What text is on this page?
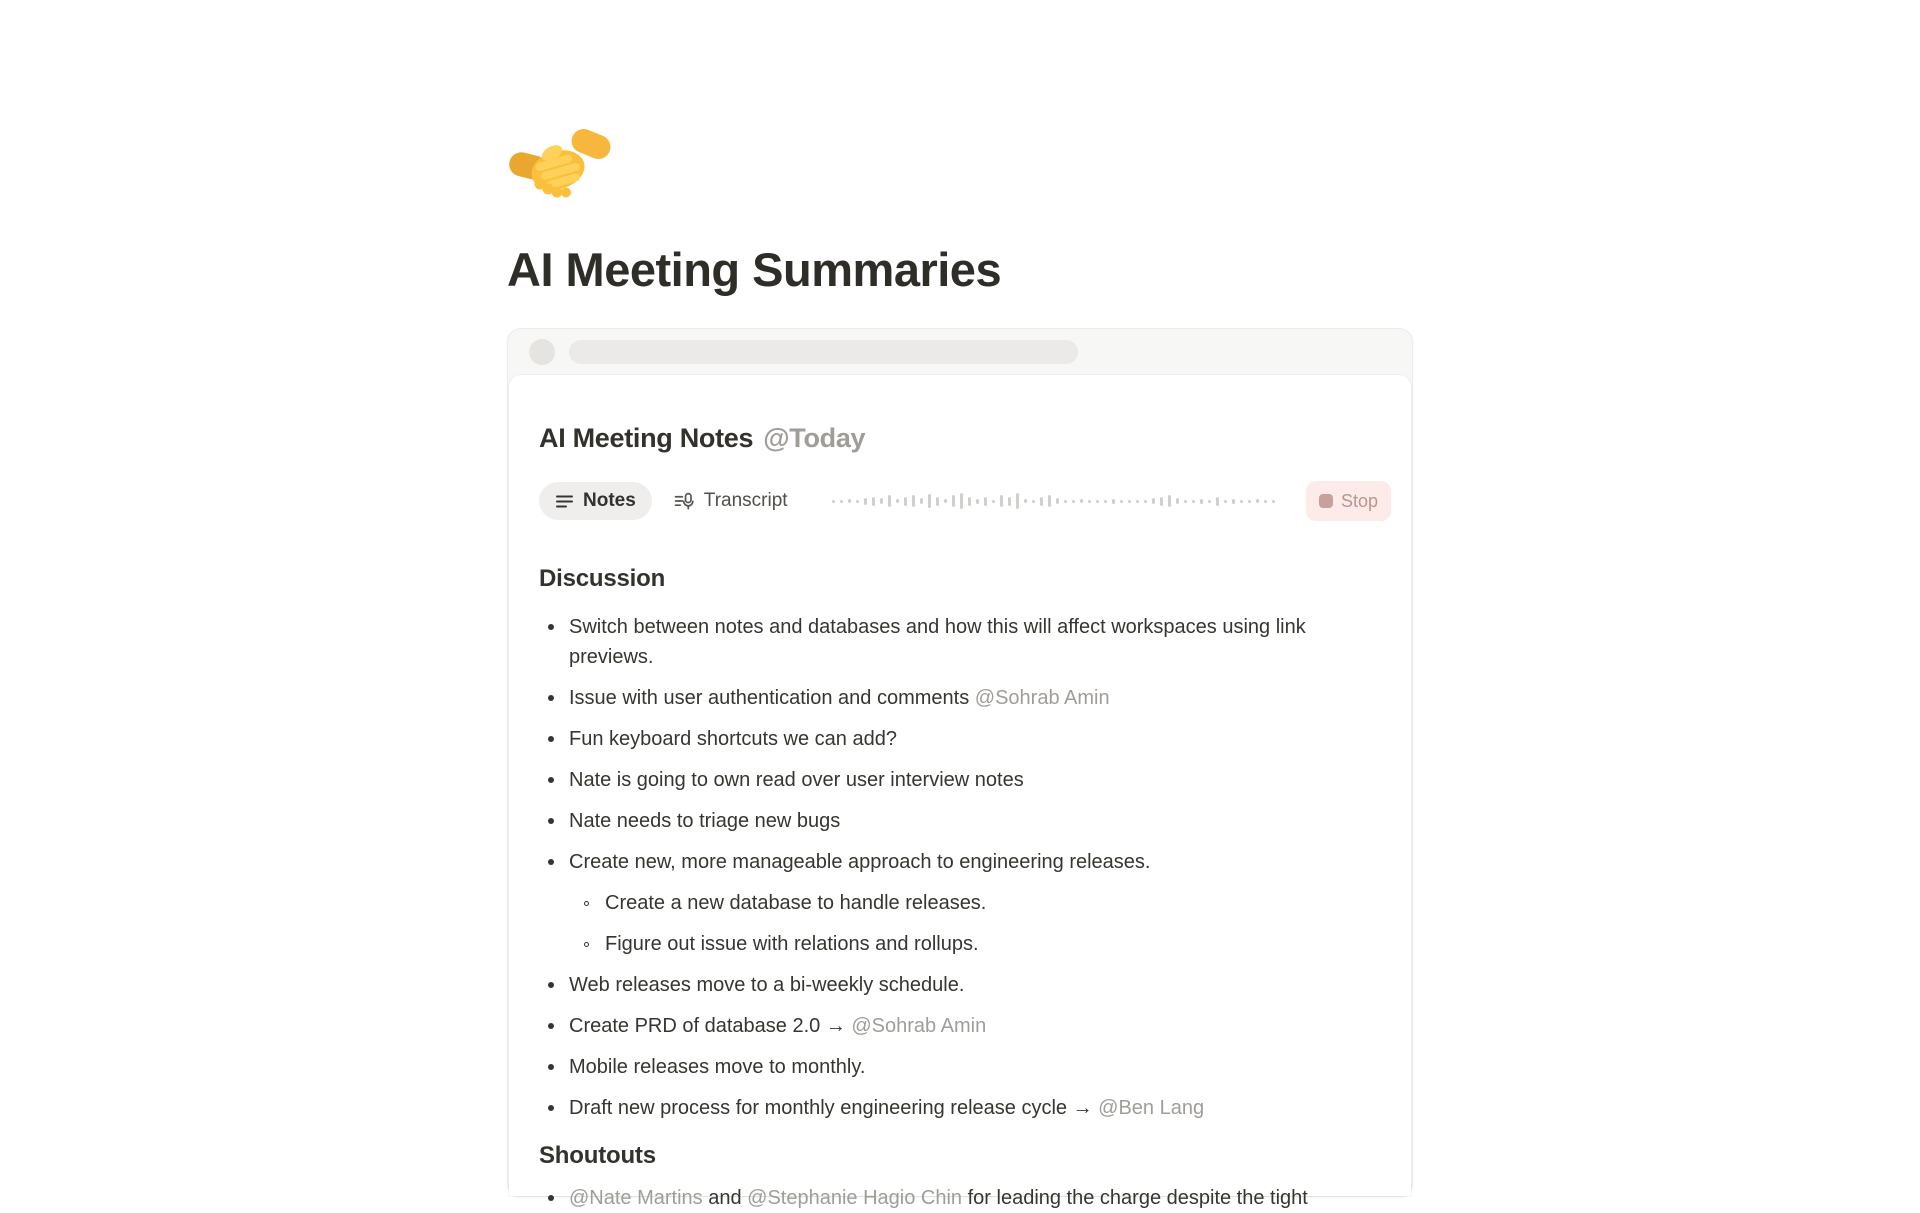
AI Meeting Summaries
AI Meeting Notes @Today
Notes	Transcript	Stop
Discussion
Switch between notes and databases and how this will affect workspaces using link previews.
Issue with user authentication and comments @Sohrab Amin
Fun keyboard shortcuts we can add?
Nate is going to own read over user interview notes
Nate needs to triage new bugs
Create new, more manageable approach to engineering releases.
Create a new database to handle releases.
Figure out issue with relations and rollups.
Web releases move to a bi-weekly schedule.
Create PRD of database 2.0 → @Sohrab Amin
Mobile releases move to monthly.
Draft new process for monthly engineering release cycle → @Ben Lang
Shoutouts
@Nate Martins and @Stephanie Hagio Chin for leading the charge despite the tight
